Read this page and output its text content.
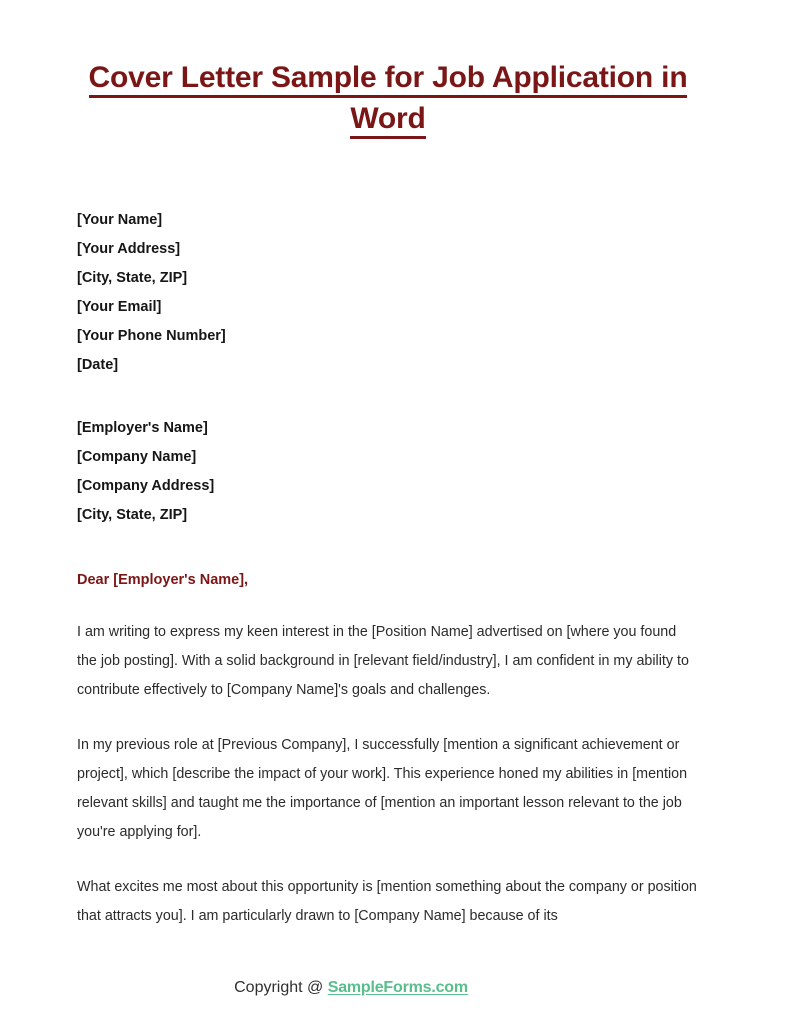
Cover Letter Sample for Job Application in Word
[Your Name]
[Your Address]
[City, State, ZIP]
[Your Email]
[Your Phone Number]
[Date]
[Employer's Name]
[Company Name]
[Company Address]
[City, State, ZIP]
Dear [Employer's Name],

I am writing to express my keen interest in the [Position Name] advertised on [where you found the job posting]. With a solid background in [relevant field/industry], I am confident in my ability to contribute effectively to [Company Name]'s goals and challenges.

In my previous role at [Previous Company], I successfully [mention a significant achievement or project], which [describe the impact of your work]. This experience honed my abilities in [mention relevant skills] and taught me the importance of [mention an important lesson relevant to the job you're applying for].

What excites me most about this opportunity is [mention something about the company or position that attracts you]. I am particularly drawn to [Company Name] because of its

Copyright @ SampleForms.com
